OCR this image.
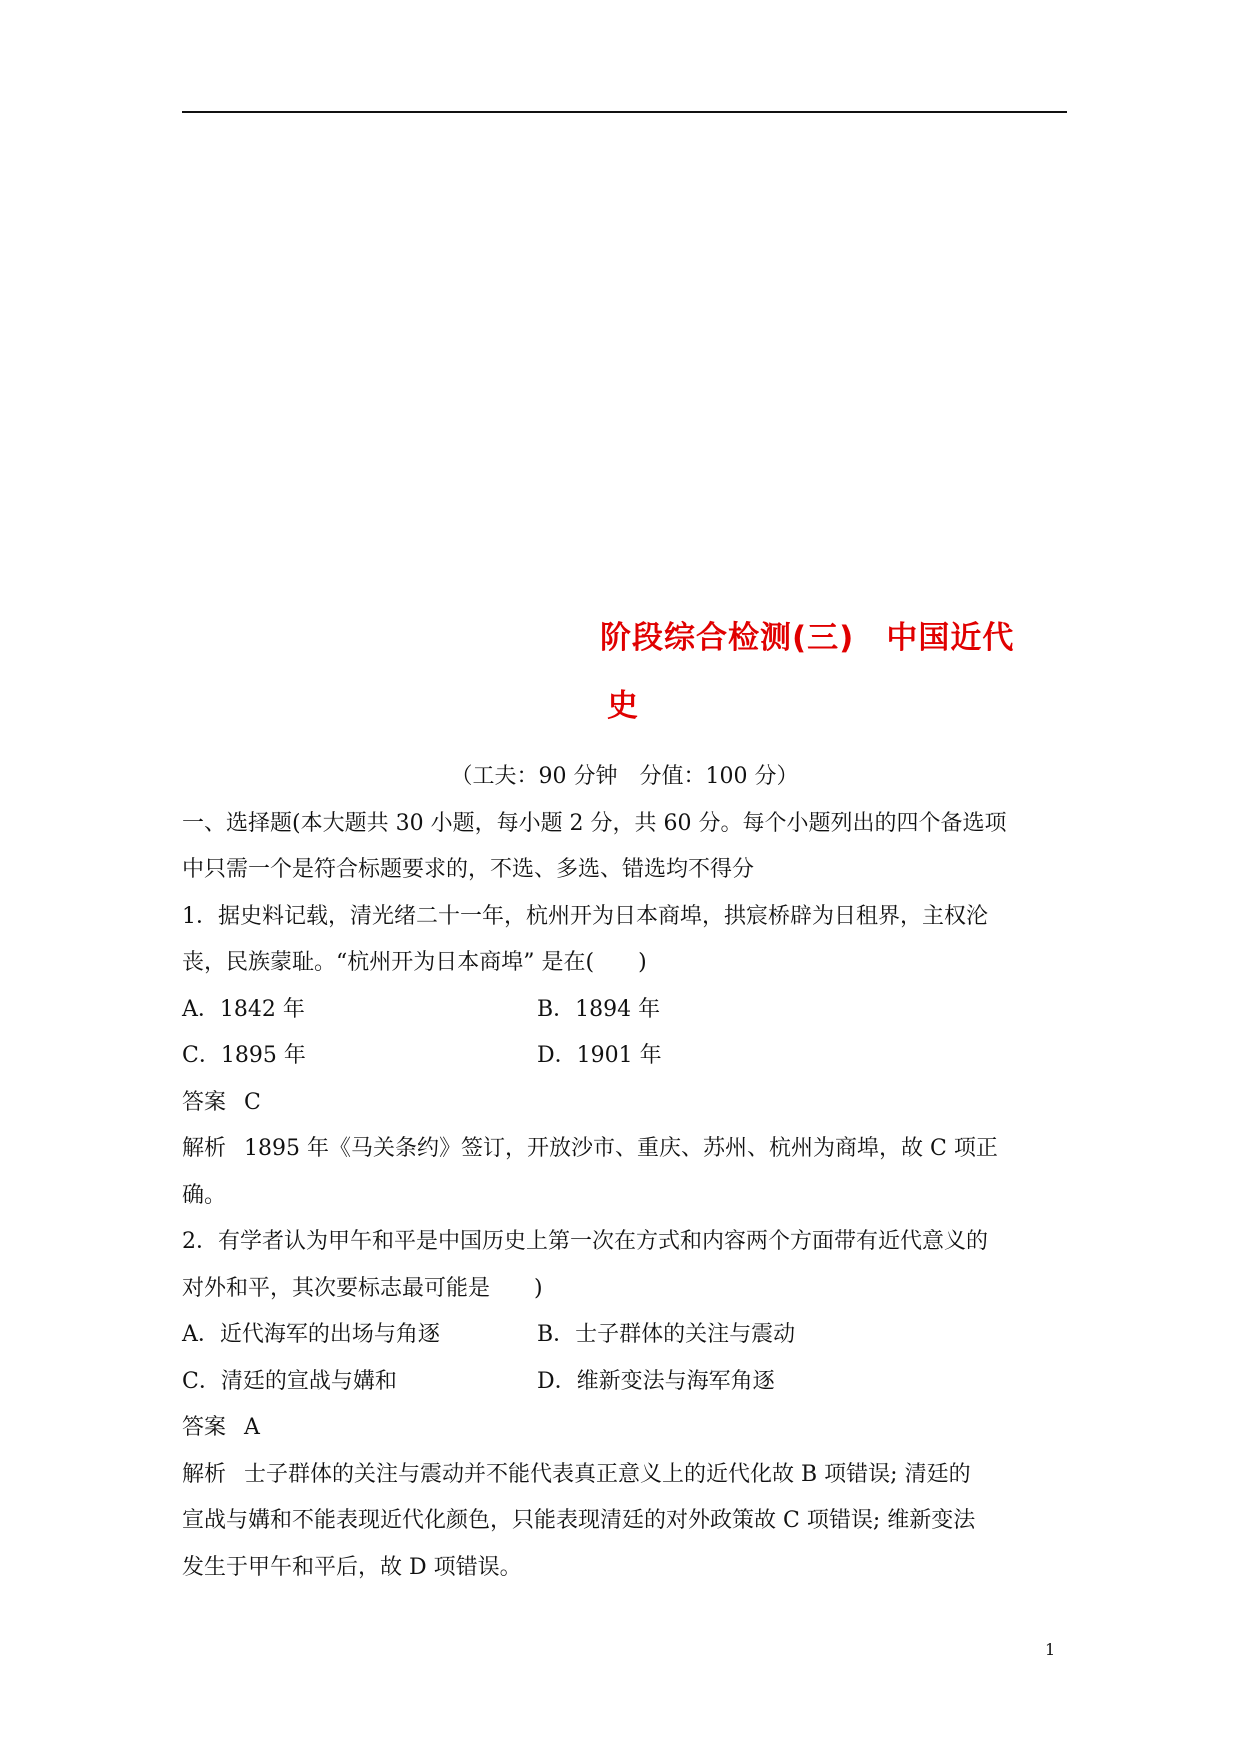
阶段综合检测(三)　中国近代
史
（工夫：90 分钟　分值：100 分）
一、选择题(本大题共 30 小题，每小题 2 分，共 60 分。每个小题列出的四个备选项
中只需一个是符合标题要求的，不选、多选、错选均不得分
1．据史料记载，清光绪二十一年，杭州开为日本商埠，拱宸桥辟为日租界，主权沦
丧，民族蒙耻。“杭州开为日本商埠” 是在(　　)
A．1842 年	B．1894 年
C．1895 年	D．1901 年
答案 C
解析 1895 年《马关条约》签订，开放沙市、重庆、苏州、杭州为商埠，故 C 项正
确。
2．有学者认为甲午和平是中国历史上第一次在方式和内容两个方面带有近代意义的
对外和平，其次要标志最可能是　　)
A．近代海军的出场与角逐	B．士子群体的关注与震动
C．清廷的宣战与媾和	D．维新变法与海军角逐
答案 A
解析 士子群体的关注与震动并不能代表真正意义上的近代化故 B 项错误; 清廷的
宣战与媾和不能表现近代化颜色，只能表现清廷的对外政策故 C 项错误; 维新变法
发生于甲午和平后，故 D 项错误。
1
